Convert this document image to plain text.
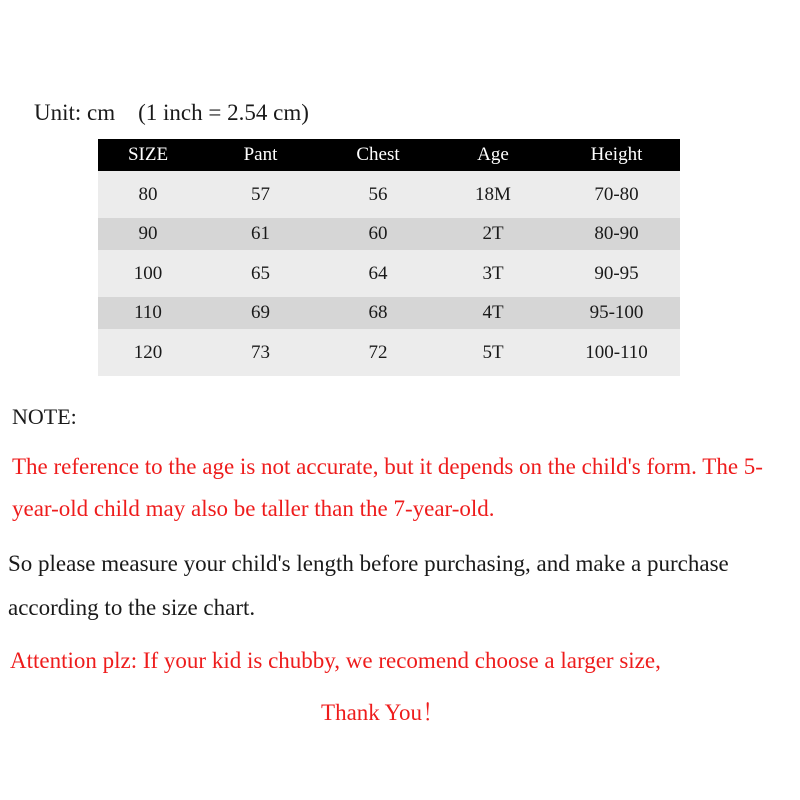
Unit: cm    (1 inch = 2.54 cm)
SIZE	Pant	Chest	Age	Height
80	57	56	18M	70-80
90	61	60	2T	80-90
100	65	64	3T	90-95
110	69	68	4T	95-100
120	73	72	5T	100-110
NOTE:
The reference to the age is not accurate, but it depends on the child's form. The 5-year-old child may also be taller than the 7-year-old.
So please measure your child's length before purchasing, and make a purchase according to the size chart.
Attention plz: If your kid is chubby, we recomend choose a larger size,
Thank You！
